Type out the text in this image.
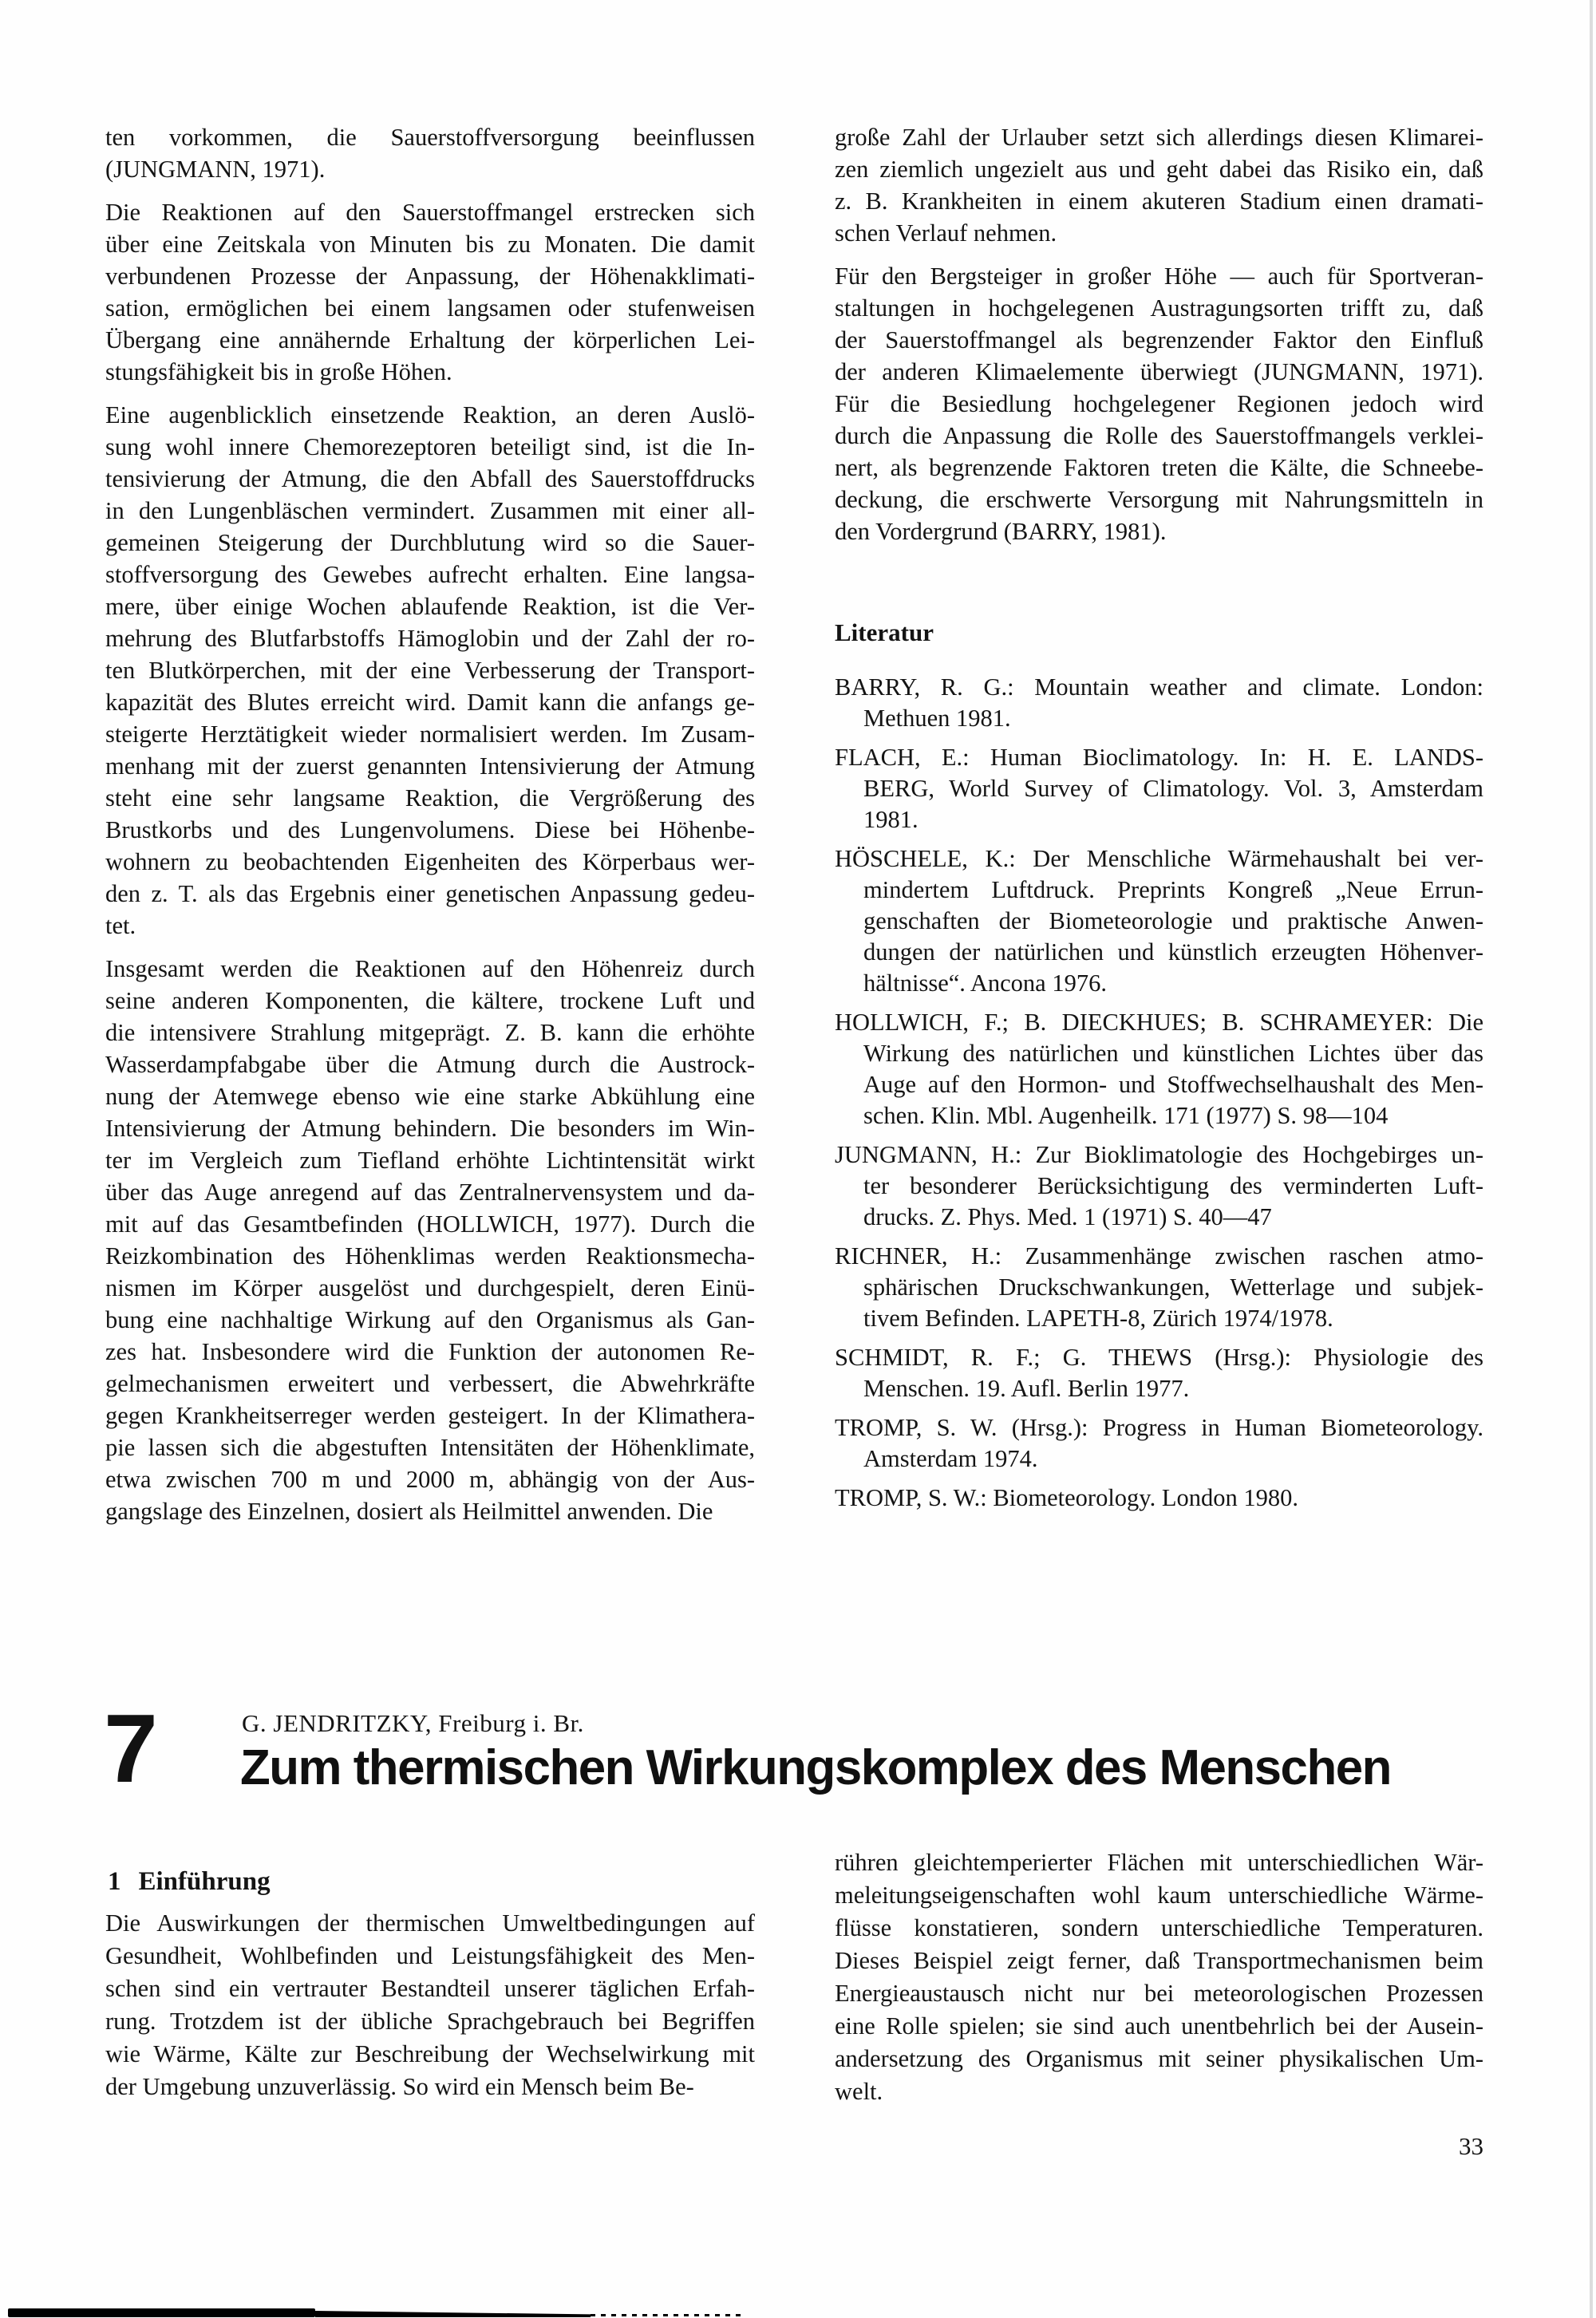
ten vorkommen, die Sauerstoffversorgung beeinflussen
(JUNGMANN, 1971).
Die Reaktionen auf den Sauerstoffmangel erstrecken sich
über eine Zeitskala von Minuten bis zu Monaten. Die damit
verbundenen Prozesse der Anpassung, der Höhenakklimati-
sation, ermöglichen bei einem langsamen oder stufenweisen
Übergang eine annähernde Erhaltung der körperlichen Lei-
stungsfähigkeit bis in große Höhen.
Eine augenblicklich einsetzende Reaktion, an deren Auslö-
sung wohl innere Chemorezeptoren beteiligt sind, ist die In-
tensivierung der Atmung, die den Abfall des Sauerstoffdrucks
in den Lungenbläschen vermindert. Zusammen mit einer all-
gemeinen Steigerung der Durchblutung wird so die Sauer-
stoffversorgung des Gewebes aufrecht erhalten. Eine langsa-
mere, über einige Wochen ablaufende Reaktion, ist die Ver-
mehrung des Blutfarbstoffs Hämoglobin und der Zahl der ro-
ten Blutkörperchen, mit der eine Verbesserung der Transport-
kapazität des Blutes erreicht wird. Damit kann die anfangs ge-
steigerte Herztätigkeit wieder normalisiert werden. Im Zusam-
menhang mit der zuerst genannten Intensivierung der Atmung
steht eine sehr langsame Reaktion, die Vergrößerung des
Brustkorbs und des Lungenvolumens. Diese bei Höhenbe-
wohnern zu beobachtenden Eigenheiten des Körperbaus wer-
den z. T. als das Ergebnis einer genetischen Anpassung gedeu-
tet.
Insgesamt werden die Reaktionen auf den Höhenreiz durch
seine anderen Komponenten, die kältere, trockene Luft und
die intensivere Strahlung mitgeprägt. Z. B. kann die erhöhte
Wasserdampfabgabe über die Atmung durch die Austrock-
nung der Atemwege ebenso wie eine starke Abkühlung eine
Intensivierung der Atmung behindern. Die besonders im Win-
ter im Vergleich zum Tiefland erhöhte Lichtintensität wirkt
über das Auge anregend auf das Zentralnervensystem und da-
mit auf das Gesamtbefinden (HOLLWICH, 1977). Durch die
Reizkombination des Höhenklimas werden Reaktionsmecha-
nismen im Körper ausgelöst und durchgespielt, deren Einü-
bung eine nachhaltige Wirkung auf den Organismus als Gan-
zes hat. Insbesondere wird die Funktion der autonomen Re-
gelmechanismen erweitert und verbessert, die Abwehrkräfte
gegen Krankheitserreger werden gesteigert. In der Klimathera-
pie lassen sich die abgestuften Intensitäten der Höhenklimate,
etwa zwischen 700 m und 2000 m, abhängig von der Aus-
gangslage des Einzelnen, dosiert als Heilmittel anwenden. Die
große Zahl der Urlauber setzt sich allerdings diesen Klimarei-
zen ziemlich ungezielt aus und geht dabei das Risiko ein, daß
z. B. Krankheiten in einem akuteren Stadium einen dramati-
schen Verlauf nehmen.
Für den Bergsteiger in großer Höhe — auch für Sportveran-
staltungen in hochgelegenen Austragungsorten trifft zu, daß
der Sauerstoffmangel als begrenzender Faktor den Einfluß
der anderen Klimaelemente überwiegt (JUNGMANN, 1971).
Für die Besiedlung hochgelegener Regionen jedoch wird
durch die Anpassung die Rolle des Sauerstoffmangels verklei-
nert, als begrenzende Faktoren treten die Kälte, die Schneebe-
deckung, die erschwerte Versorgung mit Nahrungsmitteln in
den Vordergrund (BARRY, 1981).
Literatur
BARRY, R. G.: Mountain weather and climate. London:
Methuen 1981.
FLACH, E.: Human Bioclimatology. In: H. E. LANDS-
BERG, World Survey of Climatology. Vol. 3, Amsterdam
1981.
HÖSCHELE, K.: Der Menschliche Wärmehaushalt bei ver-
mindertem Luftdruck. Preprints Kongreß „Neue Errun-
genschaften der Biometeorologie und praktische Anwen-
dungen der natürlichen und künstlich erzeugten Höhenver-
hältnisse“. Ancona 1976.
HOLLWICH, F.; B. DIECKHUES; B. SCHRAMEYER: Die
Wirkung des natürlichen und künstlichen Lichtes über das
Auge auf den Hormon- und Stoffwechselhaushalt des Men-
schen. Klin. Mbl. Augenheilk. 171 (1977) S. 98—104
JUNGMANN, H.: Zur Bioklimatologie des Hochgebirges un-
ter besonderer Berücksichtigung des verminderten Luft-
drucks. Z. Phys. Med. 1 (1971) S. 40—47
RICHNER, H.: Zusammenhänge zwischen raschen atmo-
sphärischen Druckschwankungen, Wetterlage und subjek-
tivem Befinden. LAPETH-8, Zürich 1974/1978.
SCHMIDT, R. F.; G. THEWS (Hrsg.): Physiologie des
Menschen. 19. Aufl. Berlin 1977.
TROMP, S. W. (Hrsg.): Progress in Human Biometeorology.
Amsterdam 1974.
TROMP, S. W.: Biometeorology. London 1980.
7	G. JENDRITZKY, Freiburg i. Br.
Zum thermischen Wirkungskomplex des Menschen
1 Einführung
Die Auswirkungen der thermischen Umweltbedingungen auf
Gesundheit, Wohlbefinden und Leistungsfähigkeit des Men-
schen sind ein vertrauter Bestandteil unserer täglichen Erfah-
rung. Trotzdem ist der übliche Sprachgebrauch bei Begriffen
wie Wärme, Kälte zur Beschreibung der Wechselwirkung mit
der Umgebung unzuverlässig. So wird ein Mensch beim Be-
rühren gleichtemperierter Flächen mit unterschiedlichen Wär-
meleitungseigenschaften wohl kaum unterschiedliche Wärme-
flüsse konstatieren, sondern unterschiedliche Temperaturen.
Dieses Beispiel zeigt ferner, daß Transportmechanismen beim
Energieaustausch nicht nur bei meteorologischen Prozessen
eine Rolle spielen; sie sind auch unentbehrlich bei der Ausein-
andersetzung des Organismus mit seiner physikalischen Um-
welt.
33
